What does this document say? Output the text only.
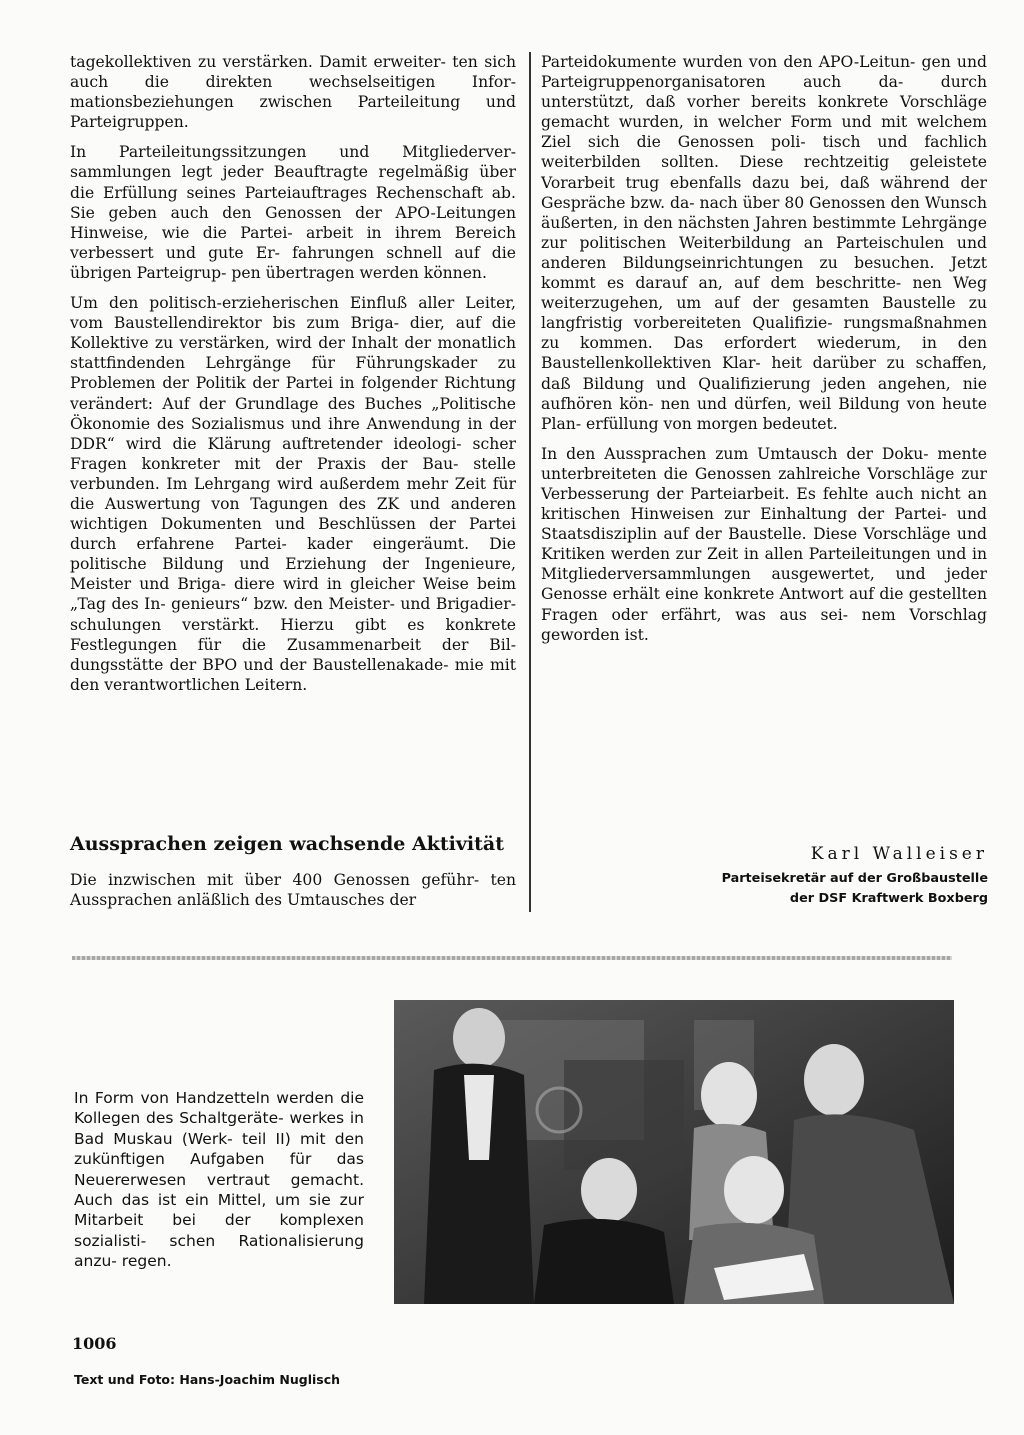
tagekollektiven zu verstärken. Damit erweiter- ten sich auch die direkten wechselseitigen Infor- mationsbeziehungen zwischen Parteileitung und Parteigruppen.

In Parteileitungssitzungen und Mitgliederver- sammlungen legt jeder Beauftragte regelmäßig über die Erfüllung seines Parteiauftrages Rechenschaft ab. Sie geben auch den Genossen der APO-Leitungen Hinweise, wie die Partei- arbeit in ihrem Bereich verbessert und gute Er- fahrungen schnell auf die übrigen Parteigrup- pen übertragen werden können.

Um den politisch-erzieherischen Einfluß aller Leiter, vom Baustellendirektor bis zum Briga- dier, auf die Kollektive zu verstärken, wird der Inhalt der monatlich stattfindenden Lehrgänge für Führungskader zu Problemen der Politik der Partei in folgender Richtung verändert: Auf der Grundlage des Buches „Politische Ökonomie des Sozialismus und ihre Anwendung in der DDR“ wird die Klärung auftretender ideologi- scher Fragen konkreter mit der Praxis der Bau- stelle verbunden. Im Lehrgang wird außerdem mehr Zeit für die Auswertung von Tagungen des ZK und anderen wichtigen Dokumenten und Beschlüssen der Partei durch erfahrene Partei- kader eingeräumt. Die politische Bildung und Erziehung der Ingenieure, Meister und Briga- diere wird in gleicher Weise beim „Tag des In- genieurs“ bzw. den Meister- und Brigadier- schulungen verstärkt. Hierzu gibt es konkrete Festlegungen für die Zusammenarbeit der Bil- dungsstätte der BPO und der Baustellenakade- mie mit den verantwortlichen Leitern.

Aussprachen zeigen wachsende Aktivität

Die inzwischen mit über 400 Genossen geführ- ten Aussprachen anläßlich des Umtausches der

Parteidokumente wurden von den APO-Leitun- gen und Parteigruppenorganisatoren auch da- durch unterstützt, daß vorher bereits konkrete Vorschläge gemacht wurden, in welcher Form und mit welchem Ziel sich die Genossen poli- tisch und fachlich weiterbilden sollten. Diese rechtzeitig geleistete Vorarbeit trug ebenfalls dazu bei, daß während der Gespräche bzw. da- nach über 80 Genossen den Wunsch äußerten, in den nächsten Jahren bestimmte Lehrgänge zur politischen Weiterbildung an Parteischulen und anderen Bildungseinrichtungen zu besuchen. Jetzt kommt es darauf an, auf dem beschritte- nen Weg weiterzugehen, um auf der gesamten Baustelle zu langfristig vorbereiteten Qualifizie- rungsmaßnahmen zu kommen. Das erfordert wiederum, in den Baustellenkollektiven Klar- heit darüber zu schaffen, daß Bildung und Qualifizierung jeden angehen, nie aufhören kön- nen und dürfen, weil Bildung von heute Plan- erfüllung von morgen bedeutet.

In den Aussprachen zum Umtausch der Doku- mente unterbreiteten die Genossen zahlreiche Vorschläge zur Verbesserung der Parteiarbeit. Es fehlte auch nicht an kritischen Hinweisen zur Einhaltung der Partei- und Staatsdisziplin auf der Baustelle. Diese Vorschläge und Kritiken werden zur Zeit in allen Parteileitungen und in Mitgliederversammlungen ausgewertet, und jeder Genosse erhält eine konkrete Antwort auf die gestellten Fragen oder erfährt, was aus sei- nem Vorschlag geworden ist.

Karl Walleiser
Parteisekretär auf der Großbaustelle
der DSF Kraftwerk Boxberg
In Form von Handzetteln werden die Kollegen des Schaltgeräte- werkes in Bad Muskau (Werk- teil II) mit den zukünftigen Aufgaben für das Neuererwesen vertraut gemacht. Auch das ist ein Mittel, um sie zur Mitarbeit bei der komplexen sozialisti- schen Rationalisierung anzu- regen.
Text und Foto: Hans-Joachim Nuglisch
1006
